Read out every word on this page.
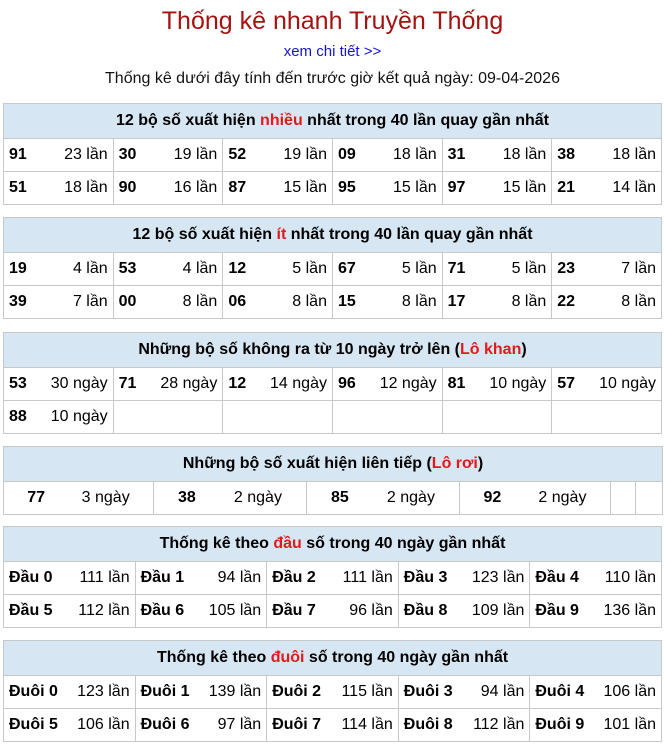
Thống kê nhanh Truyền Thống
xem chi tiết >>
Thống kê dưới đây tính đến trước giờ kết quả ngày: 09-04-2026
12 bộ số xuất hiện nhiều nhất trong 40 lần quay gần nhất					

91 23 lần	30 19 lần	52 19 lần	09 18 lần	31 18 lần	38 18 lần

51 18 lần	90 16 lần	87 15 lần	95 15 lần	97 15 lần	21 14 lần
12 bộ số xuất hiện ít nhất trong 40 lần quay gần nhất					

19 4 lần	53 4 lần	12 5 lần	67 5 lần	71 5 lần	23 7 lần

39 7 lần	00 8 lần	06 8 lần	15 8 lần	17 8 lần	22 8 lần
Những bộ số không ra từ 10 ngày trở lên (Lô khan)					

53 30 ngày	71 28 ngày	12 14 ngày	96 12 ngày	81 10 ngày	57 10 ngày

88 10 ngày					

Những bộ số xuất hiện liên tiếp (Lô rơi)

77 3 ngày	38 2 ngày	85 2 ngày	92 2 ngày

Thống kê theo đầu số trong 40 ngày gần nhất				

Đầu 0 111 lần	Đầu 1 94 lần	Đầu 2 111 lần	Đầu 3 123 lần	Đầu 4 110 lần

Đầu 5 112 lần	Đầu 6 105 lần	Đầu 7 96 lần	Đầu 8 109 lần	Đầu 9 136 lần
Thống kê theo đuôi số trong 40 ngày gần nhất				

Đuôi 0 123 lần	Đuôi 1 139 lần	Đuôi 2 115 lần	Đuôi 3 94 lần	Đuôi 4 106 lần

Đuôi 5 106 lần	Đuôi 6 97 lần	Đuôi 7 114 lần	Đuôi 8 112 lần	Đuôi 9 101 lần
